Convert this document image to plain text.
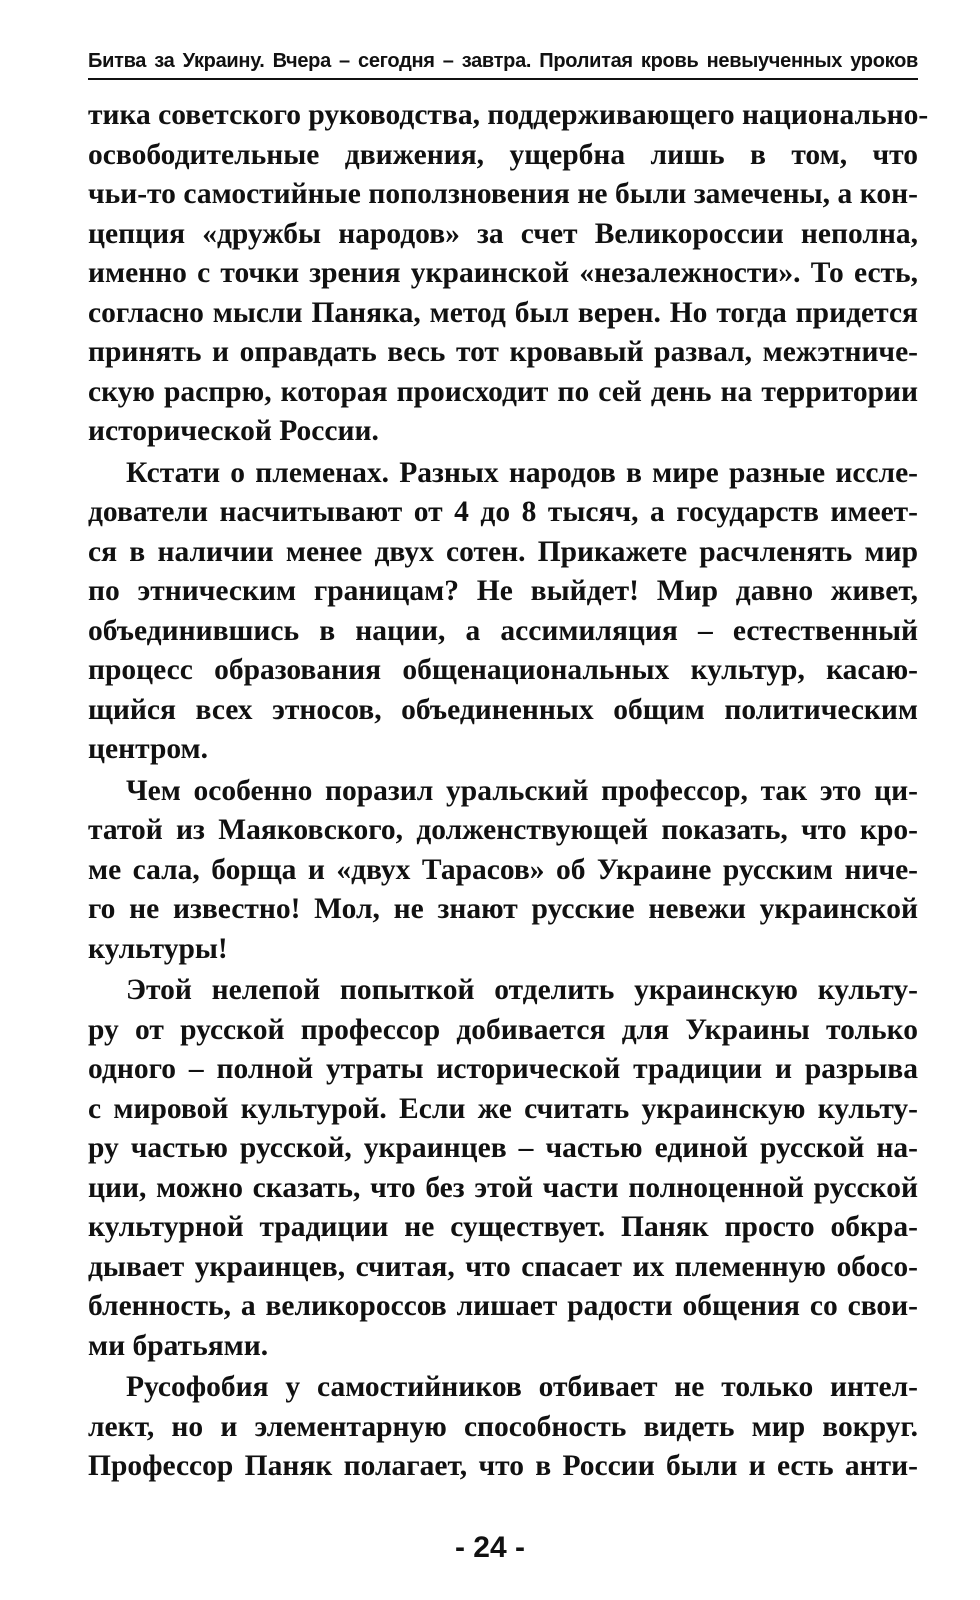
Битва за Украину. Вчера – сегодня – завтра. Пролитая кровь невыученных уроков
тика советского руководства, поддерживающего национально-
освободительные движения, ущербна лишь в том, что
чьи-то самостийные поползновения не были замечены, а кон-
цепция «дружбы народов» за счет Великороссии неполна,
именно с точки зрения украинской «незалежности». То есть,
согласно мысли Паняка, метод был верен. Но тогда придется
принять и оправдать весь тот кровавый развал, межэтниче-
скую распрю, которая происходит по сей день на территории
исторической России.
Кстати о племенах. Разных народов в мире разные иссле-
дователи насчитывают от 4 до 8 тысяч, а государств имеет-
ся в наличии менее двух сотен. Прикажете расчленять мир
по этническим границам? Не выйдет! Мир давно живет,
объединившись в нации, а ассимиляция – естественный
процесс образования общенациональных культур, касаю-
щийся всех этносов, объединенных общим политическим
центром.
Чем особенно поразил уральский профессор, так это ци-
татой из Маяковского, долженствующей показать, что кро-
ме сала, борща и «двух Тарасов» об Украине русским ниче-
го не известно! Мол, не знают русские невежи украинской
культуры!
Этой нелепой попыткой отделить украинскую культу-
ру от русской профессор добивается для Украины только
одного – полной утраты исторической традиции и разрыва
с мировой культурой. Если же считать украинскую культу-
ру частью русской, украинцев – частью единой русской на-
ции, можно сказать, что без этой части полноценной русской
культурной традиции не существует. Паняк просто обкра-
дывает украинцев, считая, что спасает их племенную обосо-
бленность, а великороссов лишает радости общения со свои-
ми братьями.
Русофобия у самостийников отбивает не только интел-
лект, но и элементарную способность видеть мир вокруг.
Профессор Паняк полагает, что в России были и есть анти-
- 24 -
